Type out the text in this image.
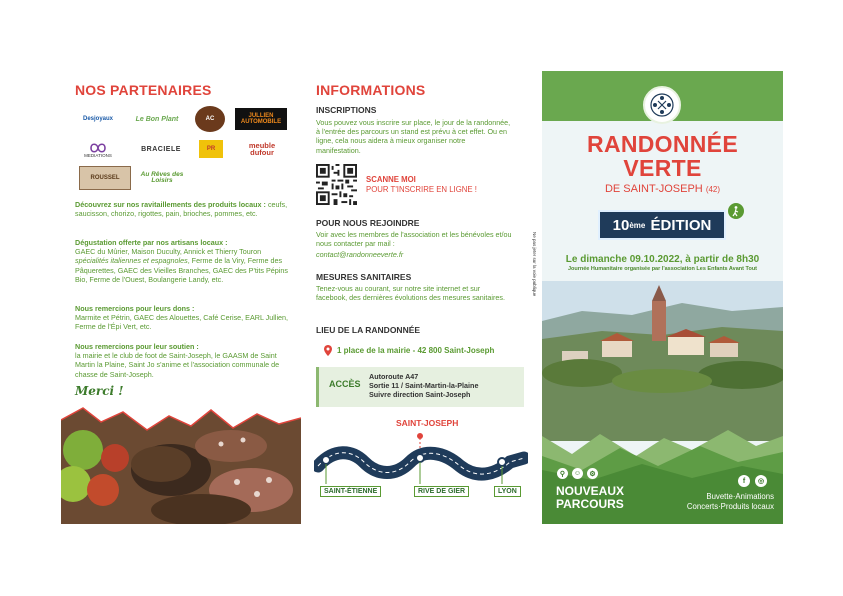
NOS PARTENAIRES
Desjoyaux	Le Bon Plant	AC	JULLIEN AUTOMOBILE
MEDIATIONS
BRACIELE	PR	meuble dufour
ROUSSEL
Au Rêves des Loisirs
Découvrez sur nos ravitaillements des produits locaux : ceufs, saucisson, chorizo, rigottes, pain, brioches, pommes, etc.
Dégustation offerte par nos artisans locaux :
GAEC du Mûrier, Maison Duculty, Annick et Thierry Touron spécialités italiennes et espagnoles, Ferme de la Viry, Ferme des Pâquerettes, GAEC des Vieilles Branches, GAEC des P'tits Pépins Bio, Ferme de l'Ouest, Boulangerie Landy, etc.
Nous remercions pour leurs dons :
Marmite et Pétrin, GAEC des Alouettes, Café Cerise, EARL Jullien, Ferme de l'Épi Vert, etc.
Nous remercions pour leur soutien :
la mairie et le club de foot de Saint-Joseph, le GAASM de Saint Martin la Plaine, Saint Jo s'anime et l'association communale de chasse de Saint-Joseph.
Merci !
INFORMATIONS
INSCRIPTIONS
Vous pouvez vous inscrire sur place, le jour de la randonnée, à l'entrée des parcours un stand est prévu à cet effet. Ou en ligne, cela nous aidera à mieux organiser notre manifestation.
SCANNE MOI
POUR T'INSCRIRE EN LIGNE !
POUR NOUS REJOINDRE
Voir avec les membres de l'association et les bénévoles et/ou nous contacter par mail :
contact@randonneeverte.fr
MESURES SANITAIRES
Tenez-vous au courant, sur notre site internet et sur facebook, des dernières évolutions des mesures sanitaires.
LIEU DE LA RANDONNÉE
1 place de la mairie - 42 800 Saint-Joseph
ACCÈS
Autoroute A47
Sortie 11 / Saint-Martin-la-Plaine
Suivre direction Saint-Joseph
SAINT-JOSEPH
SAINT-ÉTIENNE	RIVE DE GIER	LYON
Ne pas jeter sur la voie publique
RANDONNÉE
VERTE
DE SAINT-JOSEPH (42)
10 ème
ÉDITION
Le dimanche 09.10.2022, à partir de 8h30
Journée Humanitaire organisée par l'association Les Enfants Avant Tout
⚲	☺	⚙
NOUVEAUX
PARCOURS
f	◎
Buvette·Animations
Concerts·Produits locaux
